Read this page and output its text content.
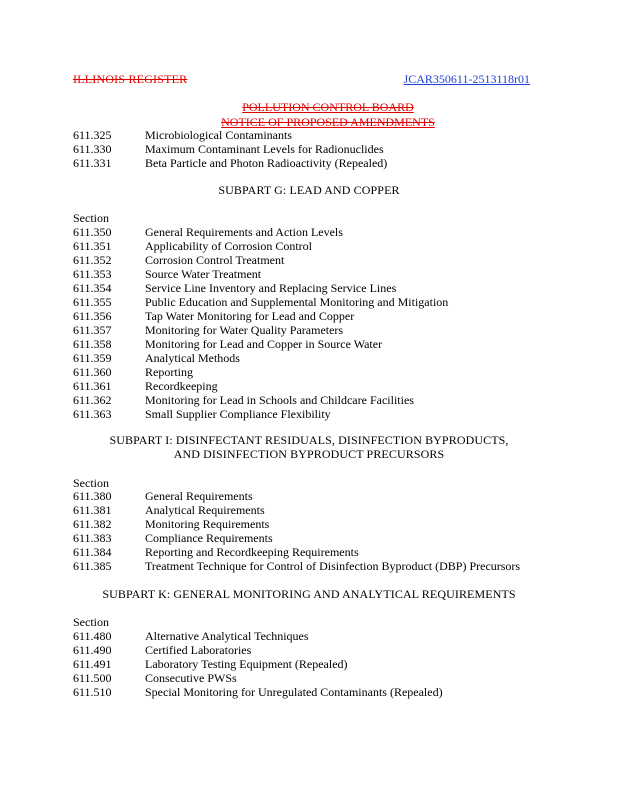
ILLINOIS REGISTER	JCAR350611-2513118r01
POLLUTION CONTROL BOARD
NOTICE OF PROPOSED AMENDMENTS
611.325	Microbiological Contaminants
611.330	Maximum Contaminant Levels for Radionuclides
611.331	Beta Particle and Photon Radioactivity (Repealed)
SUBPART G: LEAD AND COPPER
Section
611.350	General Requirements and Action Levels
611.351	Applicability of Corrosion Control
611.352	Corrosion Control Treatment
611.353	Source Water Treatment
611.354	Service Line Inventory and Replacing Service Lines
611.355	Public Education and Supplemental Monitoring and Mitigation
611.356	Tap Water Monitoring for Lead and Copper
611.357	Monitoring for Water Quality Parameters
611.358	Monitoring for Lead and Copper in Source Water
611.359	Analytical Methods
611.360	Reporting
611.361	Recordkeeping
611.362	Monitoring for Lead in Schools and Childcare Facilities
611.363	Small Supplier Compliance Flexibility
SUBPART I: DISINFECTANT RESIDUALS, DISINFECTION BYPRODUCTS,
AND DISINFECTION BYPRODUCT PRECURSORS
Section
611.380	General Requirements
611.381	Analytical Requirements
611.382	Monitoring Requirements
611.383	Compliance Requirements
611.384	Reporting and Recordkeeping Requirements
611.385	Treatment Technique for Control of Disinfection Byproduct (DBP) Precursors
SUBPART K: GENERAL MONITORING AND ANALYTICAL REQUIREMENTS
Section
611.480	Alternative Analytical Techniques
611.490	Certified Laboratories
611.491	Laboratory Testing Equipment (Repealed)
611.500	Consecutive PWSs
611.510	Special Monitoring for Unregulated Contaminants (Repealed)
